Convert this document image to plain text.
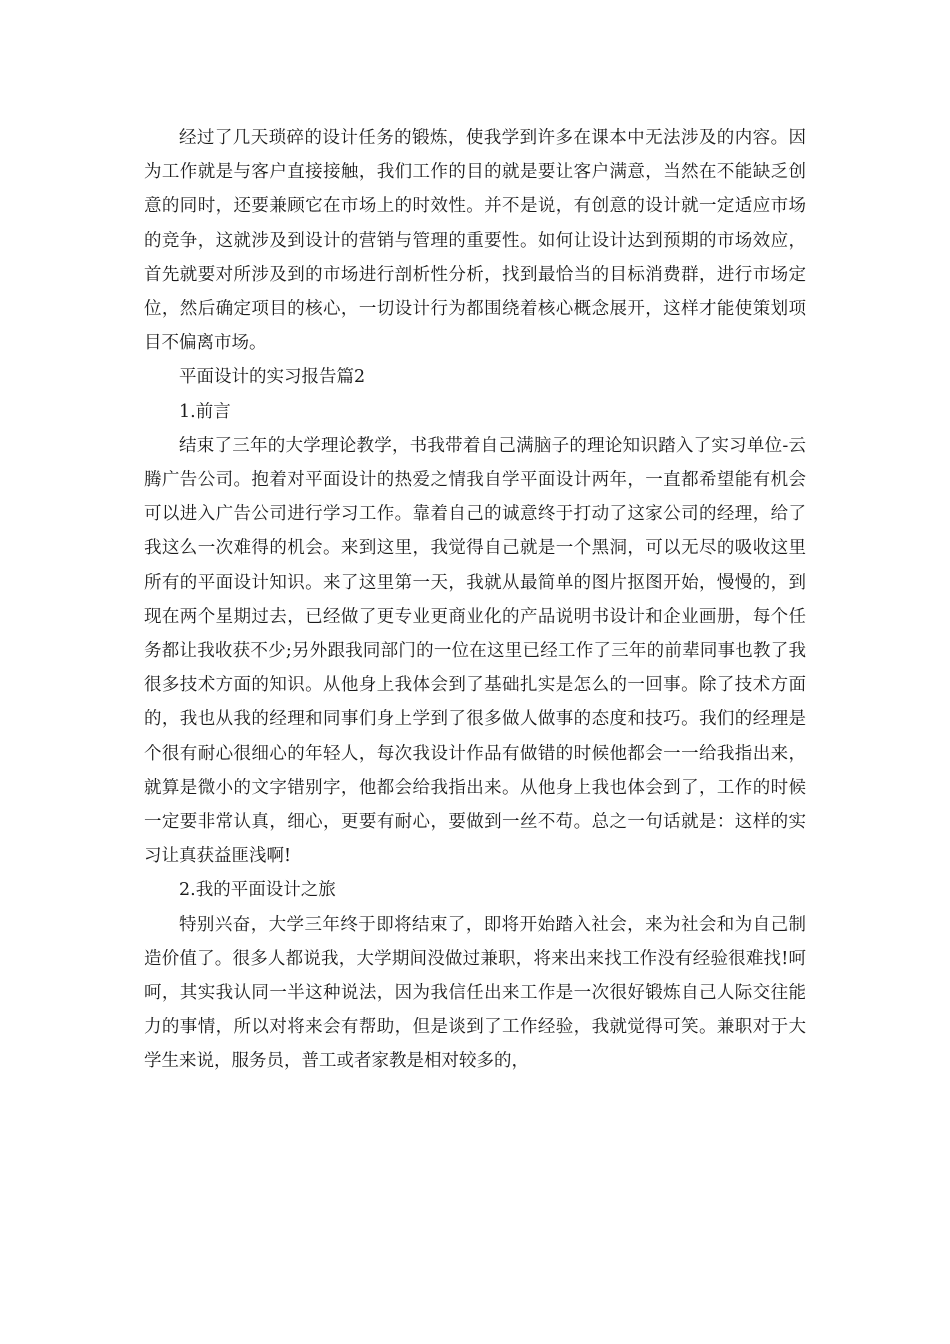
经过了几天琐碎的设计任务的锻炼，使我学到许多在课本中无法涉及的内容。因为工作就是与客户直接接触，我们工作的目的就是要让客户满意，当然在不能缺乏创意的同时，还要兼顾它在市场上的时效性。并不是说，有创意的设计就一定适应市场的竞争，这就涉及到设计的营销与管理的重要性。如何让设计达到预期的市场效应，首先就要对所涉及到的市场进行剖析性分析，找到最恰当的目标消费群，进行市场定位，然后确定项目的核心，一切设计行为都围绕着核心概念展开，这样才能使策划项目不偏离市场。

平面设计的实习报告篇2

1.前言

结束了三年的大学理论教学，书我带着自己满脑子的理论知识踏入了实习单位-云腾广告公司。抱着对平面设计的热爱之情我自学平面设计两年，一直都希望能有机会可以进入广告公司进行学习工作。靠着自己的诚意终于打动了这家公司的经理，给了我这么一次难得的机会。来到这里，我觉得自己就是一个黑洞，可以无尽的吸收这里所有的平面设计知识。来了这里第一天，我就从最简单的图片抠图开始，慢慢的，到现在两个星期过去，已经做了更专业更商业化的产品说明书设计和企业画册，每个任务都让我收获不少;另外跟我同部门的一位在这里已经工作了三年的前辈同事也教了我很多技术方面的知识。从他身上我体会到了基础扎实是怎么的一回事。除了技术方面的，我也从我的经理和同事们身上学到了很多做人做事的态度和技巧。我们的经理是个很有耐心很细心的年轻人，每次我设计作品有做错的时候他都会一一给我指出来，就算是微小的文字错别字，他都会给我指出来。从他身上我也体会到了，工作的时候一定要非常认真，细心，更要有耐心，要做到一丝不苟。总之一句话就是：这样的实习让真获益匪浅啊!

2.我的平面设计之旅

特别兴奋，大学三年终于即将结束了，即将开始踏入社会，来为社会和为自己制造价值了。很多人都说我，大学期间没做过兼职，将来出来找工作没有经验很难找!呵呵，其实我认同一半这种说法，因为我信任出来工作是一次很好锻炼自己人际交往能力的事情，所以对将来会有帮助，但是谈到了工作经验，我就觉得可笑。兼职对于大学生来说，服务员，普工或者家教是相对较多的，
